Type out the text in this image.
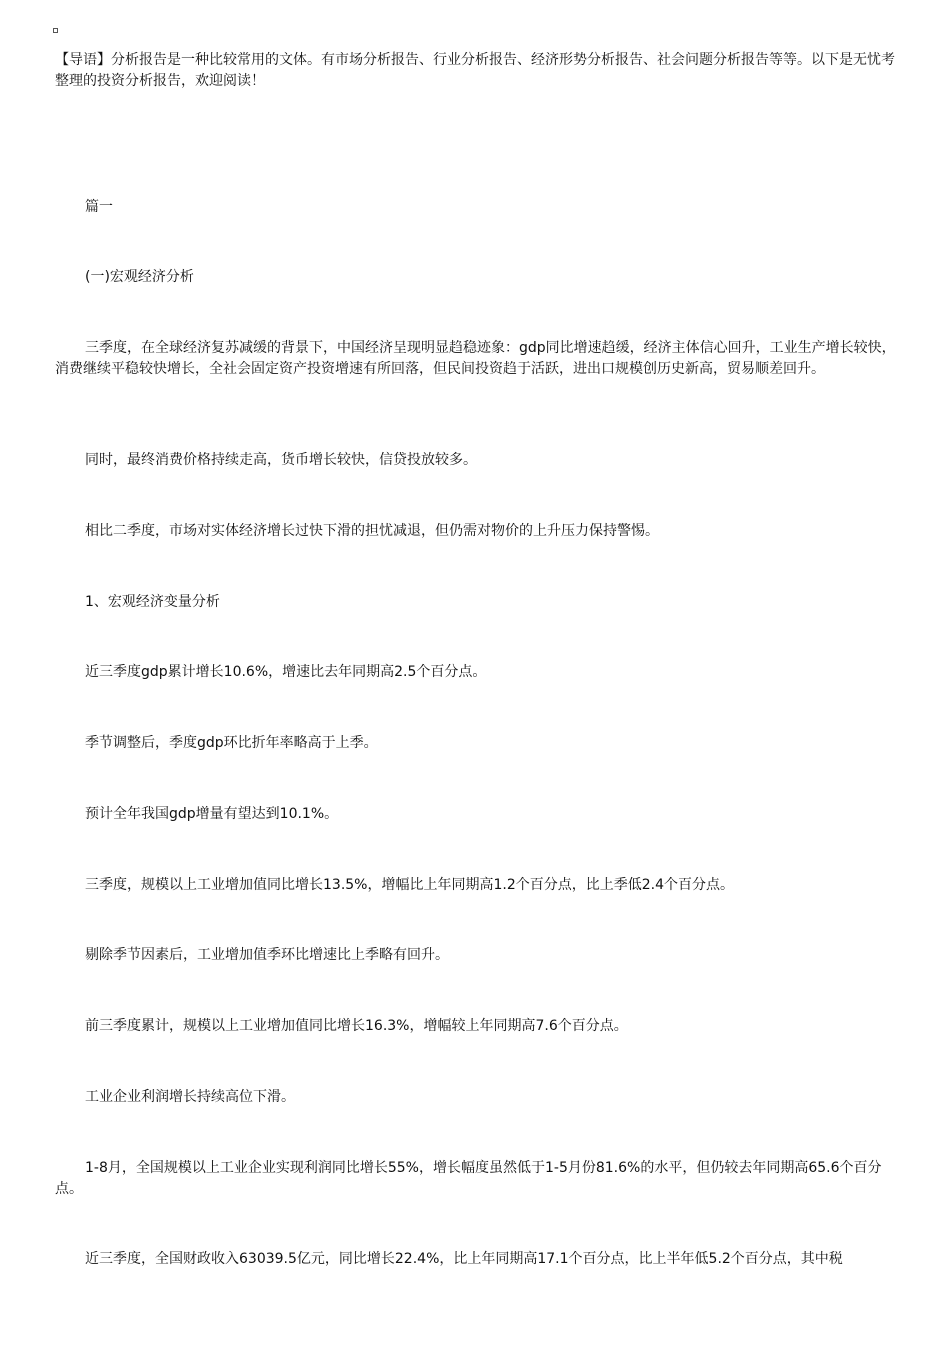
【导语】分析报告是一种比较常用的文体。有市场分析报告、行业分析报告、经济形势分析报告、社会问题分析报告等等。以下是无忧考整理的投资分析报告，欢迎阅读！

篇一

(一)宏观经济分析

三季度，在全球经济复苏减缓的背景下，中国经济呈现明显趋稳迹象：gdp同比增速趋缓，经济主体信心回升，工业生产增长较快，消费继续平稳较快增长，全社会固定资产投资增速有所回落，但民间投资趋于活跃，进出口规模创历史新高，贸易顺差回升。

同时，最终消费价格持续走高，货币增长较快，信贷投放较多。

相比二季度，市场对实体经济增长过快下滑的担忧减退，但仍需对物价的上升压力保持警惕。

1、宏观经济变量分析

近三季度gdp累计增长10.6%，增速比去年同期高2.5个百分点。

季节调整后，季度gdp环比折年率略高于上季。

预计全年我国gdp增量有望达到10.1%。

三季度，规模以上工业增加值同比增长13.5%，增幅比上年同期高1.2个百分点，比上季低2.4个百分点。

剔除季节因素后，工业增加值季环比增速比上季略有回升。

前三季度累计，规模以上工业增加值同比增长16.3%，增幅较上年同期高7.6个百分点。

工业企业利润增长持续高位下滑。

1-8月，全国规模以上工业企业实现利润同比增长55%，增长幅度虽然低于1-5月份81.6%的水平，但仍较去年同期高65.6个百分点。

近三季度，全国财政收入63039.5亿元，同比增长22.4%，比上年同期高17.1个百分点，比上半年低5.2个百分点，其中税
